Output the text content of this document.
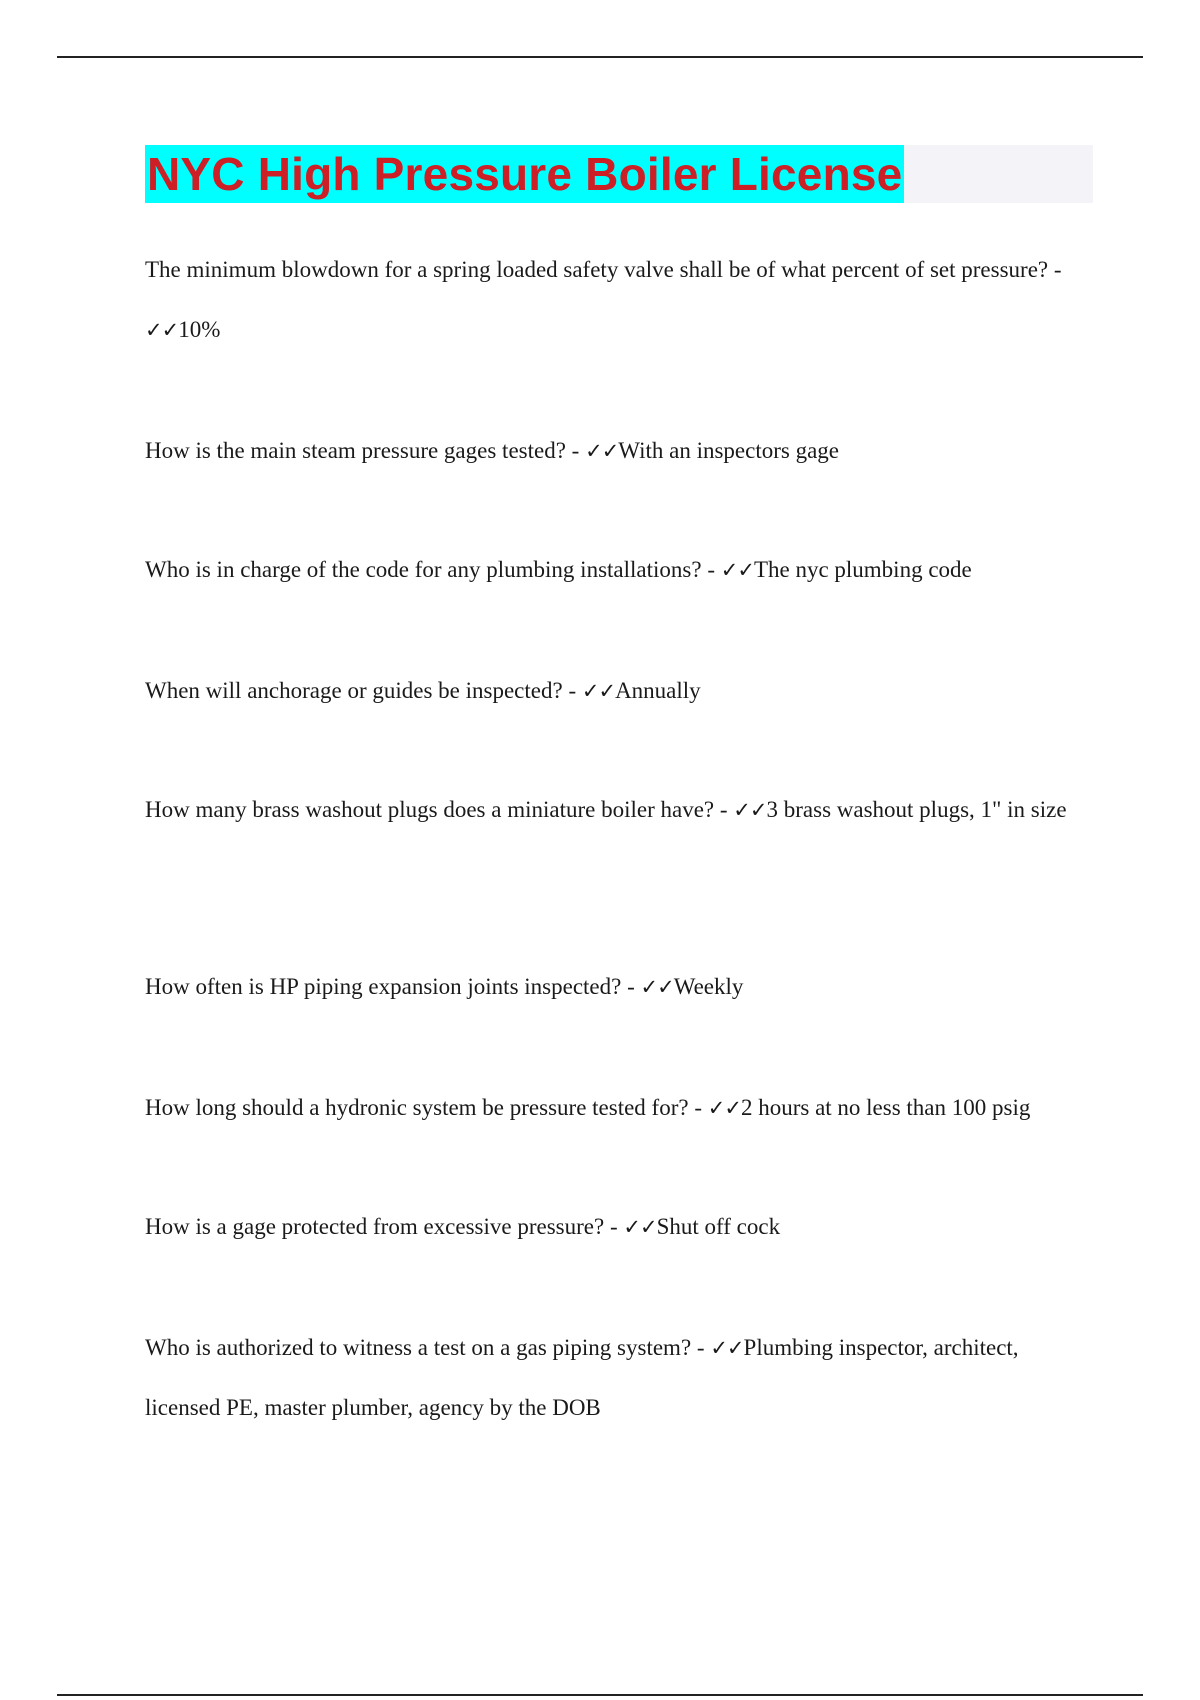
NYC High Pressure Boiler License

The minimum blowdown for a spring loaded safety valve shall be of what percent of set pressure? - ✓✓10%

How is the main steam pressure gages tested? - ✓✓With an inspectors gage

Who is in charge of the code for any plumbing installations? - ✓✓The nyc plumbing code

When will anchorage or guides be inspected? - ✓✓Annually

How many brass washout plugs does a miniature boiler have? - ✓✓3 brass washout plugs, 1" in size

How often is HP piping expansion joints inspected? - ✓✓Weekly

How long should a hydronic system be pressure tested for? - ✓✓2 hours at no less than 100 psig

How is a gage protected from excessive pressure? - ✓✓Shut off cock

Who is authorized to witness a test on a gas piping system? - ✓✓Plumbing inspector, architect, licensed PE, master plumber, agency by the DOB
